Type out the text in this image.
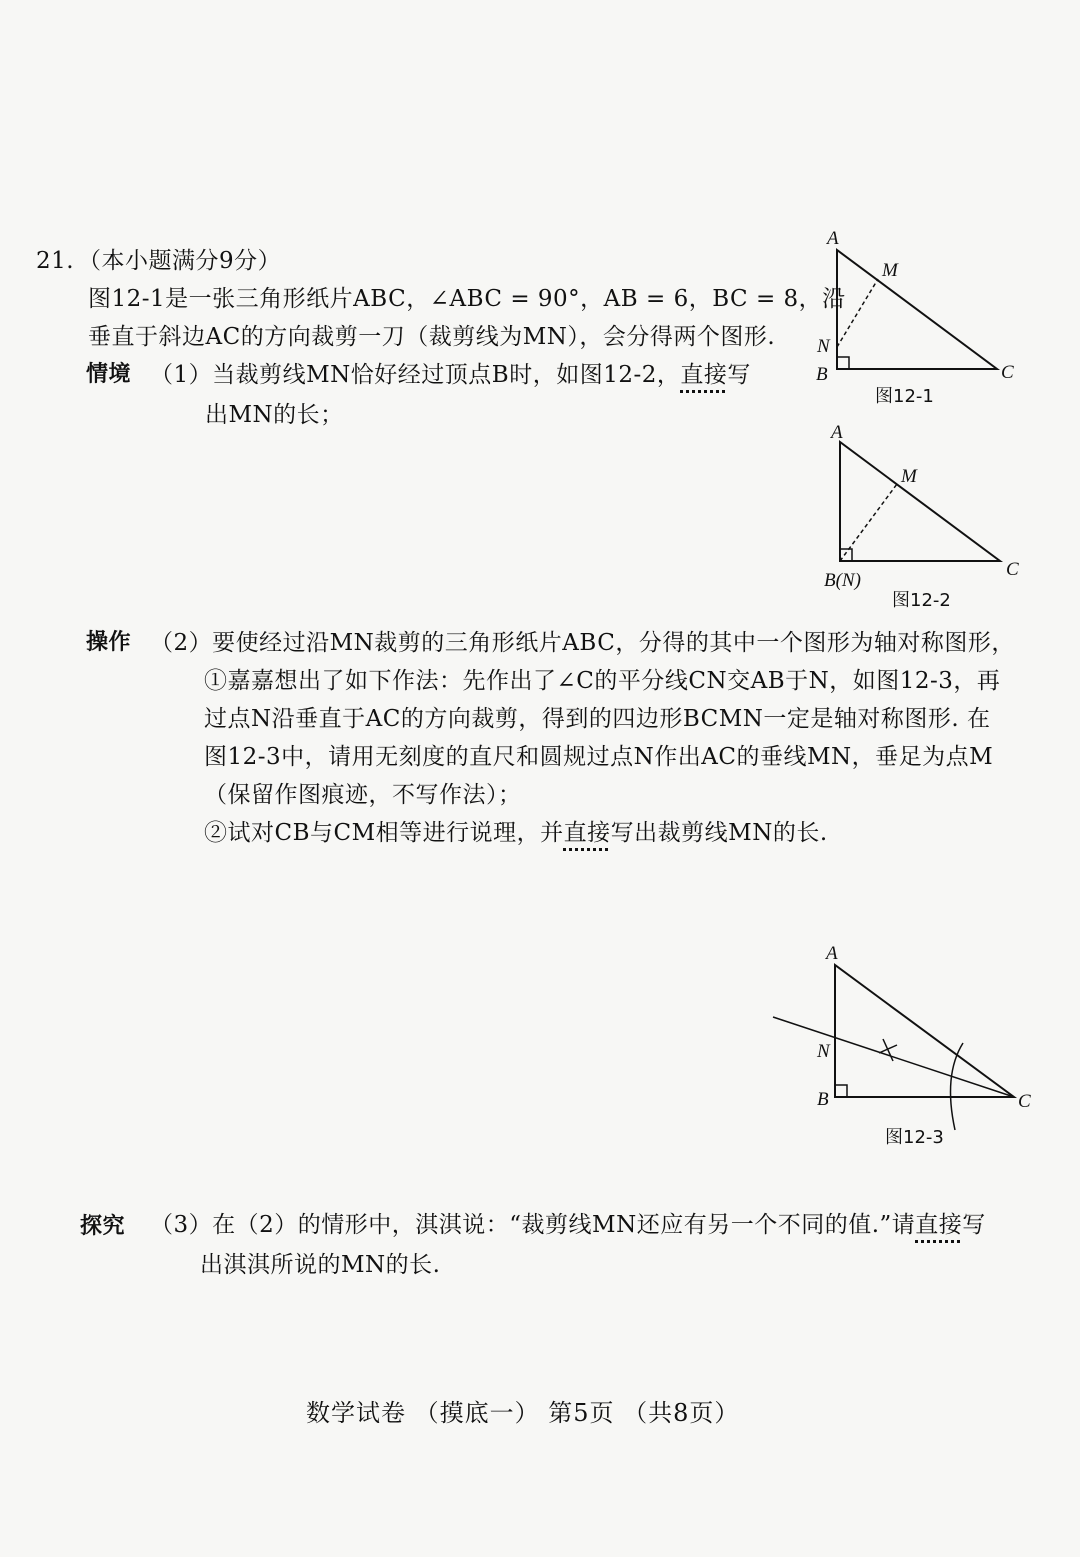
21. （本小题满分9分）
图12-1是一张三角形纸片ABC，∠ABC = 90°，AB = 6，BC = 8，沿
垂直于斜边AC的方向裁剪一刀（裁剪线为MN），会分得两个图形.
情境 （1）当裁剪线MN恰好经过顶点B时，如图12-2，直接写
出MN的长；
操作 （2）要使经过沿MN裁剪的三角形纸片ABC，分得的其中一个图形为轴对称图形，
①嘉嘉想出了如下作法：先作出了∠C的平分线CN交AB于N，如图12-3，再
过点N沿垂直于AC的方向裁剪，得到的四边形BCMN一定是轴对称图形. 在
图12-3中，请用无刻度的直尺和圆规过点N作出AC的垂线MN，垂足为点M
（保留作图痕迹，不写作法）；
②试对CB与CM相等进行说理，并直接写出裁剪线MN的长.
探究 （3）在（2）的情形中，淇淇说：“裁剪线MN还应有另一个不同的值.”请直接写
出淇淇所说的MN的长.
A
M
N
B	C
图12-1
A
M
B(N)
C
图12-2
A
N
B	C
图12-3
数学试卷 （摸底一） 第5页 （共8页）
